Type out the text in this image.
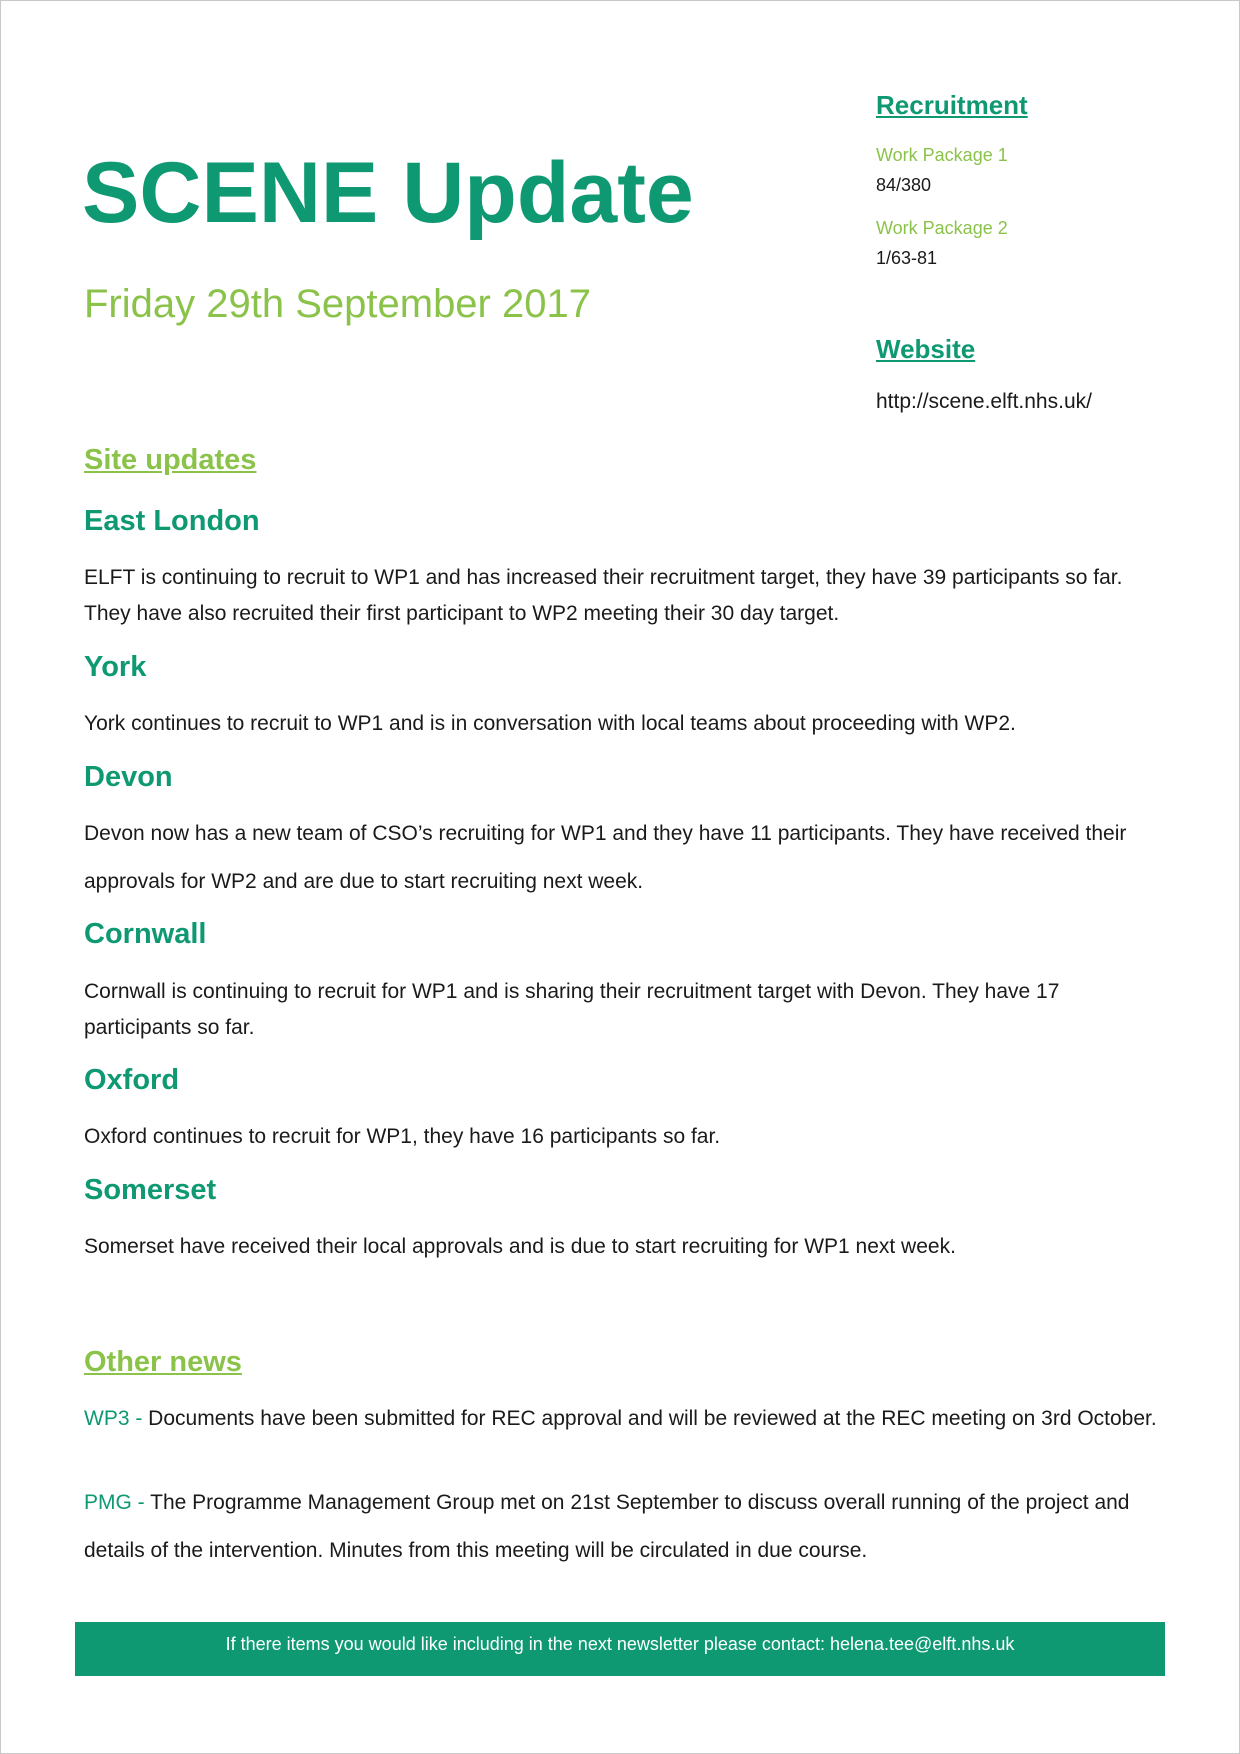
SCENE Update
Friday 29th September 2017
Recruitment
Work Package 1
84/380
Work Package 2
1/63-81
Website
http://scene.elft.nhs.uk/
Site updates
East London
ELFT is continuing to recruit to WP1 and has increased their recruitment target, they have 39 participants so far. They have also recruited their first participant to WP2 meeting their 30 day target.
York
York continues to recruit to WP1 and is in conversation with local teams about proceeding with WP2.
Devon
Devon now has a new team of CSO’s recruiting for WP1 and they have 11 participants. They have received their approvals for WP2 and are due to start recruiting next week.
Cornwall
Cornwall is continuing to recruit for WP1 and is sharing their recruitment target with Devon. They have 17 participants so far.
Oxford
Oxford continues to recruit for WP1, they have 16 participants so far.
Somerset
Somerset have received their local approvals and is due to start recruiting for WP1 next week.
Other news
WP3 - Documents have been submitted for REC approval and will be reviewed at the REC meeting on 3rd October.
PMG - The Programme Management Group met on 21st September to discuss overall running of the project and details of the intervention. Minutes from this meeting will be circulated in due course.
If there items you would like including in the next newsletter please contact: helena.tee@elft.nhs.uk
